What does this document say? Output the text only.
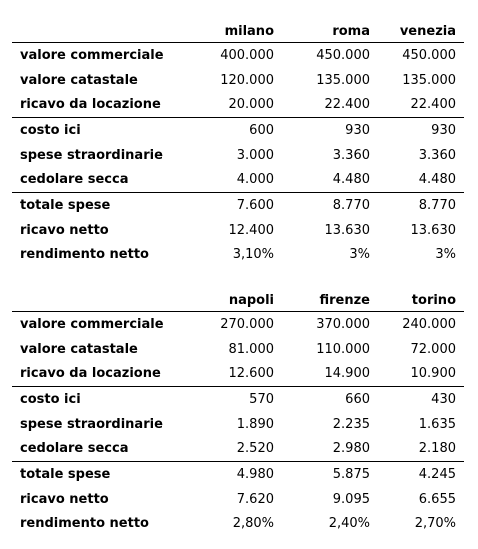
	milano	roma	venezia
valore commerciale	400.000	450.000	450.000
valore catastale	120.000	135.000	135.000
ricavo da locazione	20.000	22.400	22.400
costo ici	600	930	930
spese straordinarie	3.000	3.360	3.360
cedolare secca	4.000	4.480	4.480
totale spese	7.600	8.770	8.770
ricavo netto	12.400	13.630	13.630
rendimento netto	3,10%	3%	3%
	napoli	firenze	torino
valore commerciale	270.000	370.000	240.000
valore catastale	81.000	110.000	72.000
ricavo da locazione	12.600	14.900	10.900
costo ici	570	660	430
spese straordinarie	1.890	2.235	1.635
cedolare secca	2.520	2.980	2.180
totale spese	4.980	5.875	4.245
ricavo netto	7.620	9.095	6.655
rendimento netto	2,80%	2,40%	2,70%
